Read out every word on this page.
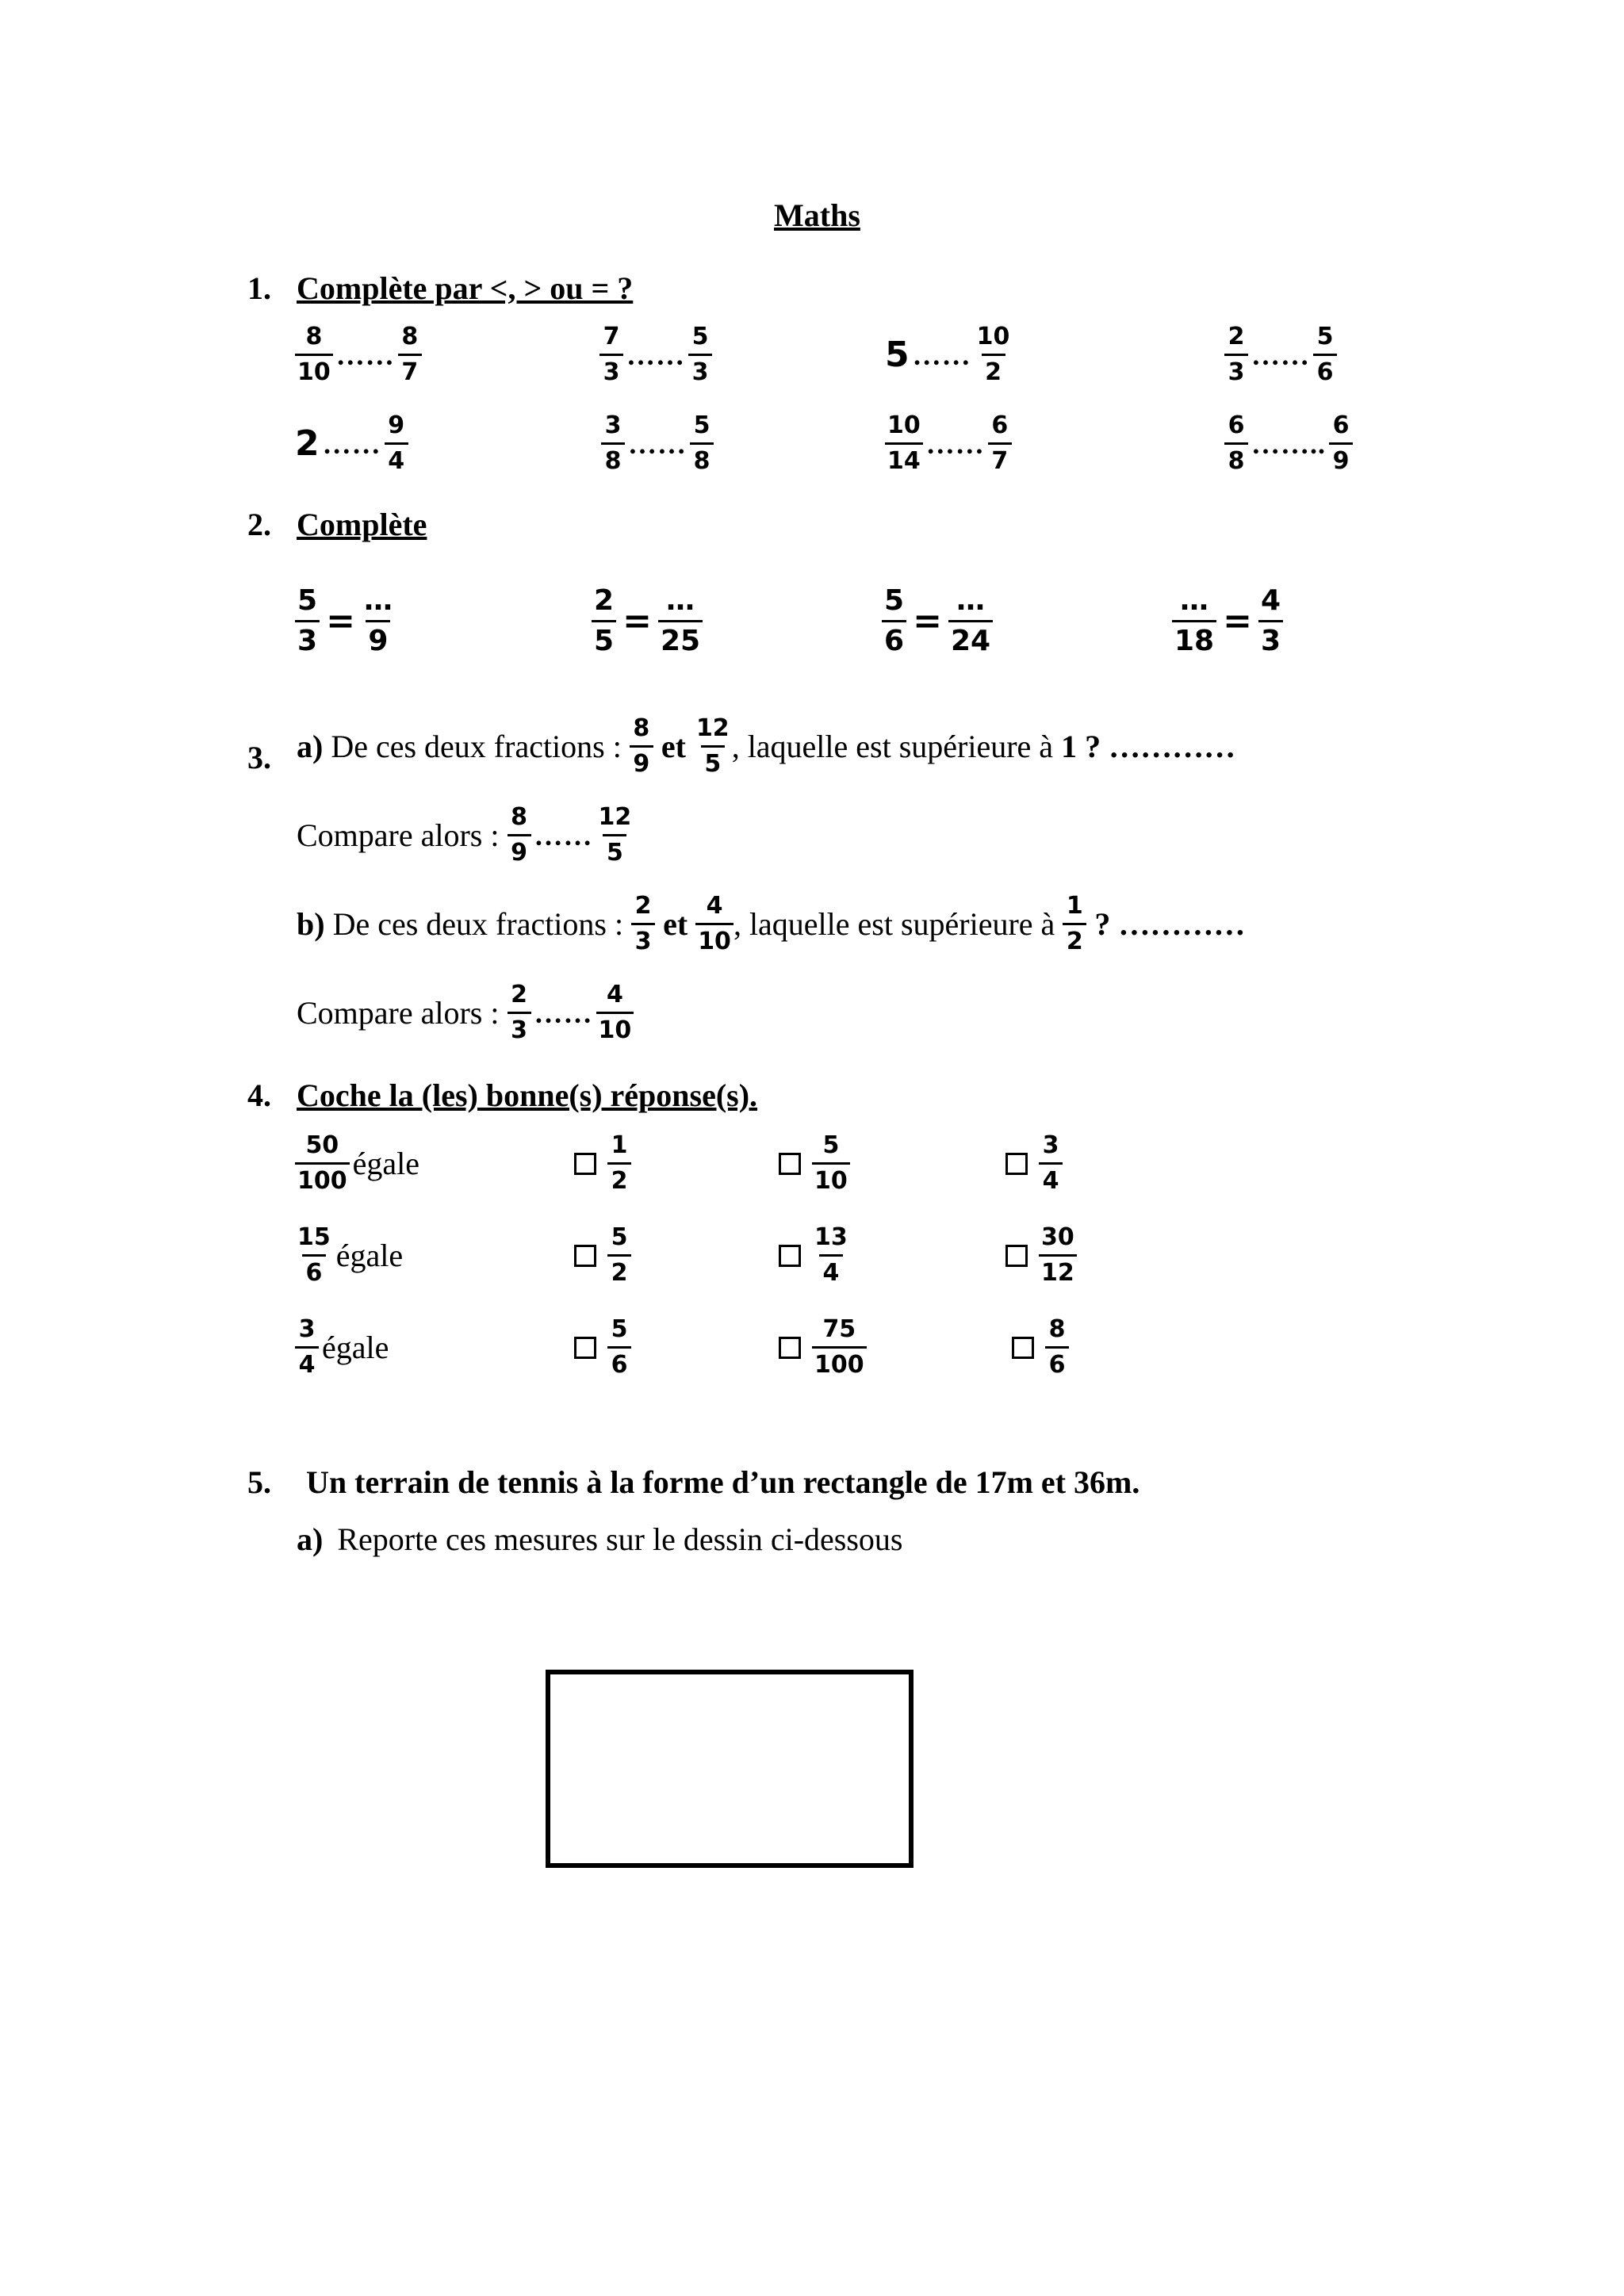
Maths
1. Complète par <, > ou = ?
$\frac{8}{10}$ …… $\frac{8}{7}$	$\frac{7}{3}$ …… $\frac{5}{3}$	5 …… $\frac{10}{2}$	$\frac{2}{3}$ …… $\frac{5}{6}$
2 …… $\frac{9}{4}$	$\frac{3}{8}$ …… $\frac{5}{8}$	$\frac{10}{14}$ …… $\frac{6}{7}$	$\frac{6}{8}$ …….. $\frac{6}{9}$
2. Complète
$\frac{5}{3} = \frac{\dots}{9}$	$\frac{2}{5} = \frac{\dots}{25}$	$\frac{5}{6} = \frac{\dots}{24}$	$\frac{\dots}{18} = \frac{4}{3}$
3. a) De ces deux fractions : $\frac{8}{9}$ et $\frac{12}{5}$ , laquelle est supérieure à 1 ? …………
Compare alors : $\frac{8}{9}$ …… $\frac{12}{5}$
b) De ces deux fractions : $\frac{2}{3}$ et $\frac{4}{10}$ , laquelle est supérieure à $\frac{1}{2}$ ? …………
Compare alors : $\frac{2}{3}$ …… $\frac{4}{10}$
4. Coche la (les) bonne(s) réponse(s).
$\frac{50}{100}$ égale	$\frac{1}{2}$	$\frac{5}{10}$	$\frac{3}{4}$
$\frac{15}{6}$ égale	$\frac{5}{2}$	$\frac{13}{4}$	$\frac{30}{12}$
$\frac{3}{4}$ égale	$\frac{5}{6}$	$\frac{75}{100}$	$\frac{8}{6}$
5. Un terrain de tennis à la forme d’un rectangle de 17m et 36m.
a) Reporte ces mesures sur le dessin ci-dessous
